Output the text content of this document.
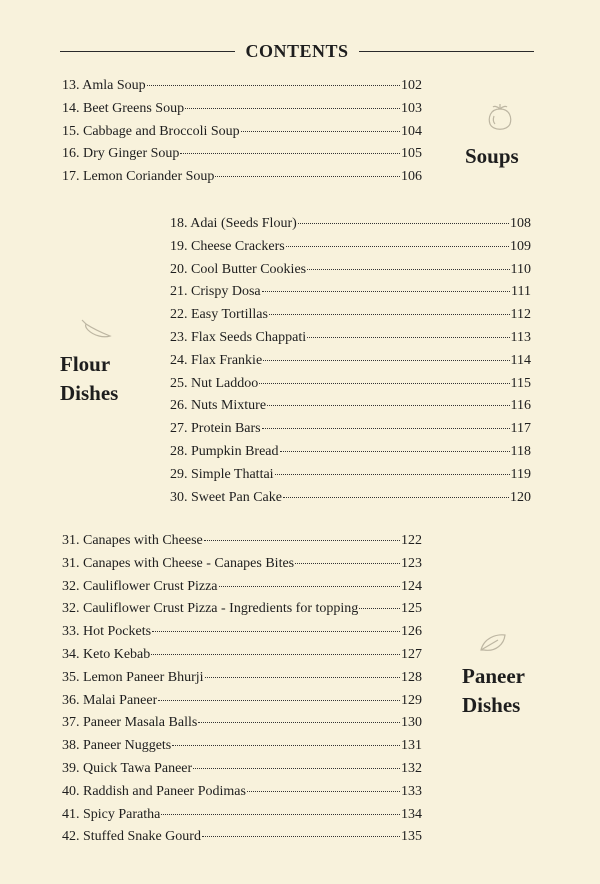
CONTENTS
13. Amla Soup	102
14. Beet Greens Soup	103
15. Cabbage and Broccoli Soup	104
16. Dry Ginger Soup	105
17. Lemon Coriander Soup	106
Soups
18. Adai (Seeds Flour)	108
19. Cheese Crackers	109
20. Cool Butter Cookies	110
21. Crispy Dosa	111
22. Easy Tortillas	112
23. Flax Seeds Chappati	113
24. Flax Frankie	114
25. Nut Laddoo	115
26. Nuts Mixture	116
27. Protein Bars	117
28. Pumpkin Bread	118
29. Simple Thattai	119
30. Sweet Pan Cake	120
Flour
Dishes
31. Canapes with Cheese	122
31. Canapes with Cheese - Canapes Bites	123
32. Cauliflower Crust Pizza	124
32. Cauliflower Crust Pizza - Ingredients for topping	125
33. Hot Pockets	126
34. Keto Kebab	127
35. Lemon Paneer Bhurji	128
36. Malai Paneer	129
37. Paneer Masala Balls	130
38. Paneer Nuggets	131
39. Quick Tawa Paneer	132
40. Raddish and Paneer Podimas	133
41. Spicy Paratha	134
42. Stuffed Snake Gourd	135
Paneer
Dishes
